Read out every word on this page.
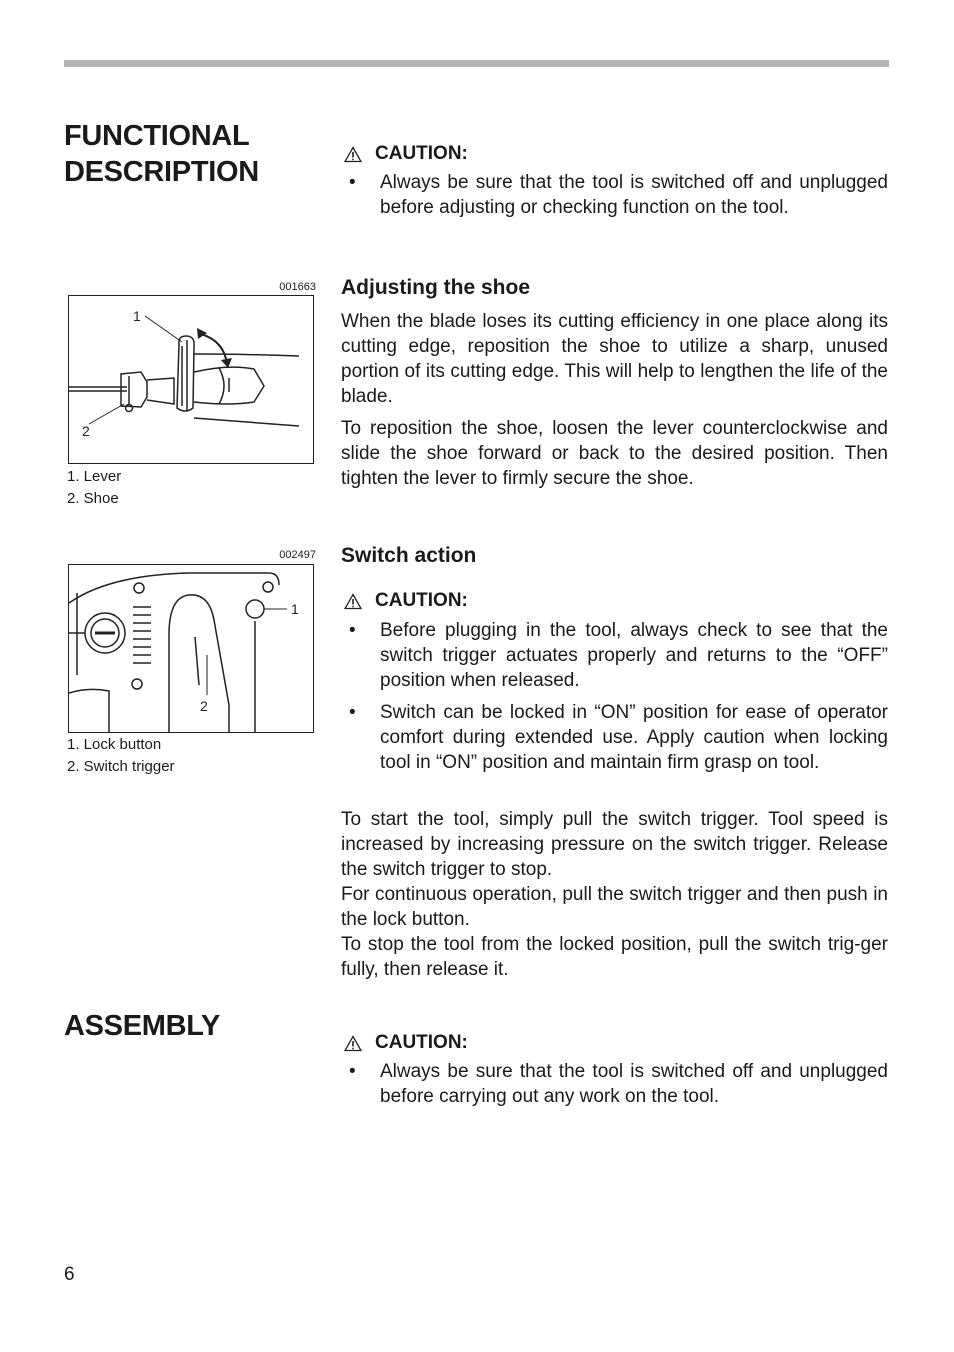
FUNCTIONAL
DESCRIPTION
CAUTION:
• Always be sure that the tool is switched off and unplugged before adjusting or checking function on the tool.
Adjusting the shoe

When the blade loses its cutting efficiency in one place along its cutting edge, reposition the shoe to utilize a sharp, unused portion of its cutting edge. This will help to lengthen the life of the blade.

To reposition the shoe, loosen the lever counterclockwise and slide the shoe forward or back to the desired position. Then tighten the lever to firmly secure the shoe.

001663
1
2
1. Lever
2. Shoe
Switch action
CAUTION:
• Before plugging in the tool, always check to see that the switch trigger actuates properly and returns to the “OFF” position when released.
• Switch can be locked in “ON” position for ease of operator comfort during extended use. Apply caution when locking tool in “ON” position and maintain firm grasp on tool.

To start the tool, simply pull the switch trigger. Tool speed is increased by increasing pressure on the switch trigger. Release the switch trigger to stop.

For continuous operation, pull the switch trigger and then push in the lock button.

To stop the tool from the locked position, pull the switch trig-ger fully, then release it.

002497
1
2
1. Lock button
2. Switch trigger
ASSEMBLY
CAUTION:
• Always be sure that the tool is switched off and unplugged before carrying out any work on the tool.
6
